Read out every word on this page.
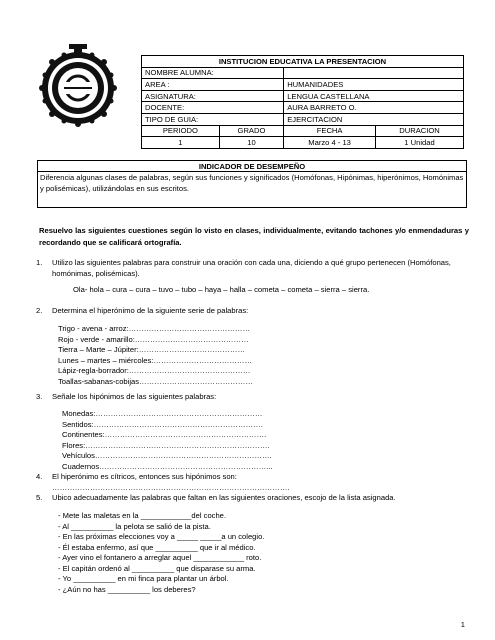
INSTITUCION EDUCATIVA LA PRESENTACION			
NOMBRE ALUMNA:			
AREA :		HUMANIDADES	
ASIGNATURA:		LENGUA CASTELLANA	
DOCENTE:		AURA BARRETO O.	
TIPO DE GUIA:		EJERCITACION	
PERIODO	GRADO	FECHA	DURACION
1	10	Marzo 4 - 13	1 Unidad
INDICADOR DE DESEMPEÑO
Diferencia algunas clases de palabras, según sus funciones y significados (Homófonas, Hipónimas, hiperónimos, Homónimas y polisémicas), utilizándolas en sus escritos.
Resuelvo las siguientes cuestiones según lo visto en clases, individualmente, evitando tachones y/o enmendaduras y recordando que se calificará ortografía.
1. Utilizo las siguientes palabras para construir una oración con cada una, diciendo a qué grupo pertenecen (Homófonas, homónimas, polisémicas).
Ola- hola – cura – cura – tuvo – tubo – haya – halla – cometa – cometa – sierra – sierra.
2. Determina el hiperónimo de la siguiente serie de palabras:
Trigo - avena - arroz:…………………………………………
Rojo - verde - amarillo:………………………………………
Tierra – Marte – Júpiter:……………………………………
Lunes – martes – miércoles:…………………………………
Lápiz-regla-borrador:…………………………………………
Toallas-sabanas-cobijas………………………………………
3. Señale los hipónimos de las siguientes palabras:
Monedas:…………………………………………………………
Sentidos:………………………………………………………….
Continentes:……………………………………………………….
Flores:……………………………………………………………….
Vehículos…………………………………………………………….
Cuadernos…………………………………………………………...
4. El hiperónimo es cítricos, entonces sus hipónimos son:
………………………………………………………………………………….
5. Ubico adecuadamente las palabras que faltan en las siguientes oraciones, escojo de la lista asignada.
- Mete las maletas en la ____________del coche.
- Al __________ la pelota se salió de la pista.
- En las próximas elecciones voy a _____ _____a un colegio.
- Él estaba enfermo, así que __________ que ir al médico.
- Ayer vino el fontanero a arreglar aquel ____________ roto.
- El capitán ordenó al __________ que disparase su arma.
- Yo __________ en mi finca para plantar un árbol.
- ¿Aún no has __________ los deberes?
1
